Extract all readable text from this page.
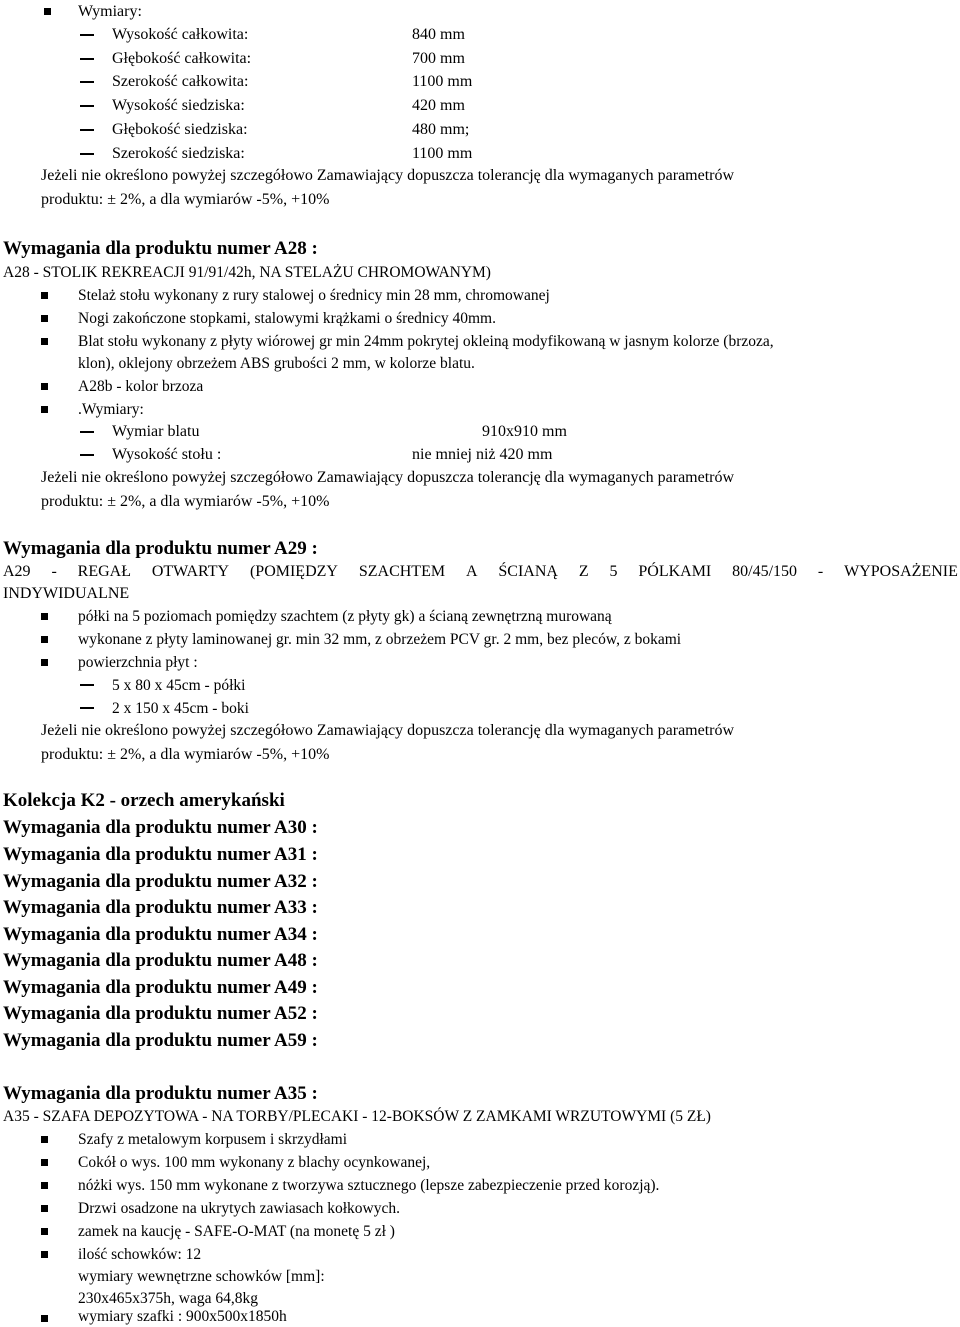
Wymiary:
Wysokość całkowita:	840 mm
Głębokość całkowita:	700 mm
Szerokość całkowita:	1100 mm
Wysokość siedziska:	420 mm
Głębokość siedziska:	480 mm;
Szerokość siedziska:	1100 mm
Jeżeli nie określono powyżej szczegółowo Zamawiający dopuszcza tolerancję dla wymaganych parametrów
produktu: ± 2%, a dla wymiarów -5%, +10%
Wymagania dla produktu numer A28 :
A28 - STOLIK REKREACJI 91/91/42h, NA STELAŻU CHROMOWANYM)
Stelaż stołu wykonany z rury stalowej o średnicy min 28 mm, chromowanej
Nogi zakończone stopkami, stalowymi krążkami o średnicy 40mm.
Blat stołu wykonany z płyty wiórowej gr min 24mm pokrytej okleiną modyfikowaną w jasnym kolorze (brzoza,
klon), oklejony obrzeżem ABS grubości 2 mm, w kolorze blatu.
A28b - kolor brzoza
.Wymiary:
Wymiar blatu	910x910 mm
Wysokość stołu :	nie mniej niż 420 mm
Jeżeli nie określono powyżej szczegółowo Zamawiający dopuszcza tolerancję dla wymaganych parametrów
produktu: ± 2%, a dla wymiarów -5%, +10%
Wymagania dla produktu numer A29 :
A29 - REGAŁ OTWARTY (POMIĘDZY SZACHTEM A ŚCIANĄ Z 5 PÓLKAMI 80/45/150 - WYPOSAŻENIE
INDYWIDUALNE
półki na 5 poziomach pomiędzy szachtem (z płyty gk) a ścianą zewnętrzną murowaną
wykonane z płyty laminowanej gr. min 32 mm, z obrzeżem PCV gr. 2 mm, bez pleców, z bokami
powierzchnia płyt :
5 x 80 x 45cm - półki
2 x 150 x 45cm - boki
Jeżeli nie określono powyżej szczegółowo Zamawiający dopuszcza tolerancję dla wymaganych parametrów
produktu: ± 2%, a dla wymiarów -5%, +10%
Kolekcja K2 - orzech amerykański
Wymagania dla produktu numer A30 :
Wymagania dla produktu numer A31 :
Wymagania dla produktu numer A32 :
Wymagania dla produktu numer A33 :
Wymagania dla produktu numer A34 :
Wymagania dla produktu numer A48 :
Wymagania dla produktu numer A49 :
Wymagania dla produktu numer A52 :
Wymagania dla produktu numer A59 :
Wymagania dla produktu numer A35 :
A35 - SZAFA DEPOZYTOWA - NA TORBY/PLECAKI - 12-BOKSÓW Z ZAMKAMI WRZUTOWYMI (5 ZŁ)
Szafy z metalowym korpusem i skrzydłami
Cokół o wys. 100 mm wykonany z blachy ocynkowanej,
nóżki wys. 150 mm wykonane z tworzywa sztucznego (lepsze zabezpieczenie przed korozją).
Drzwi osadzone na ukrytych zawiasach kołkowych.
zamek na kaucję - SAFE-O-MAT (na monetę 5 zł )
ilość schowków: 12
wymiary wewnętrzne schowków [mm]:
230x465x375h, waga 64,8kg
wymiary szafki : 900x500x1850h
